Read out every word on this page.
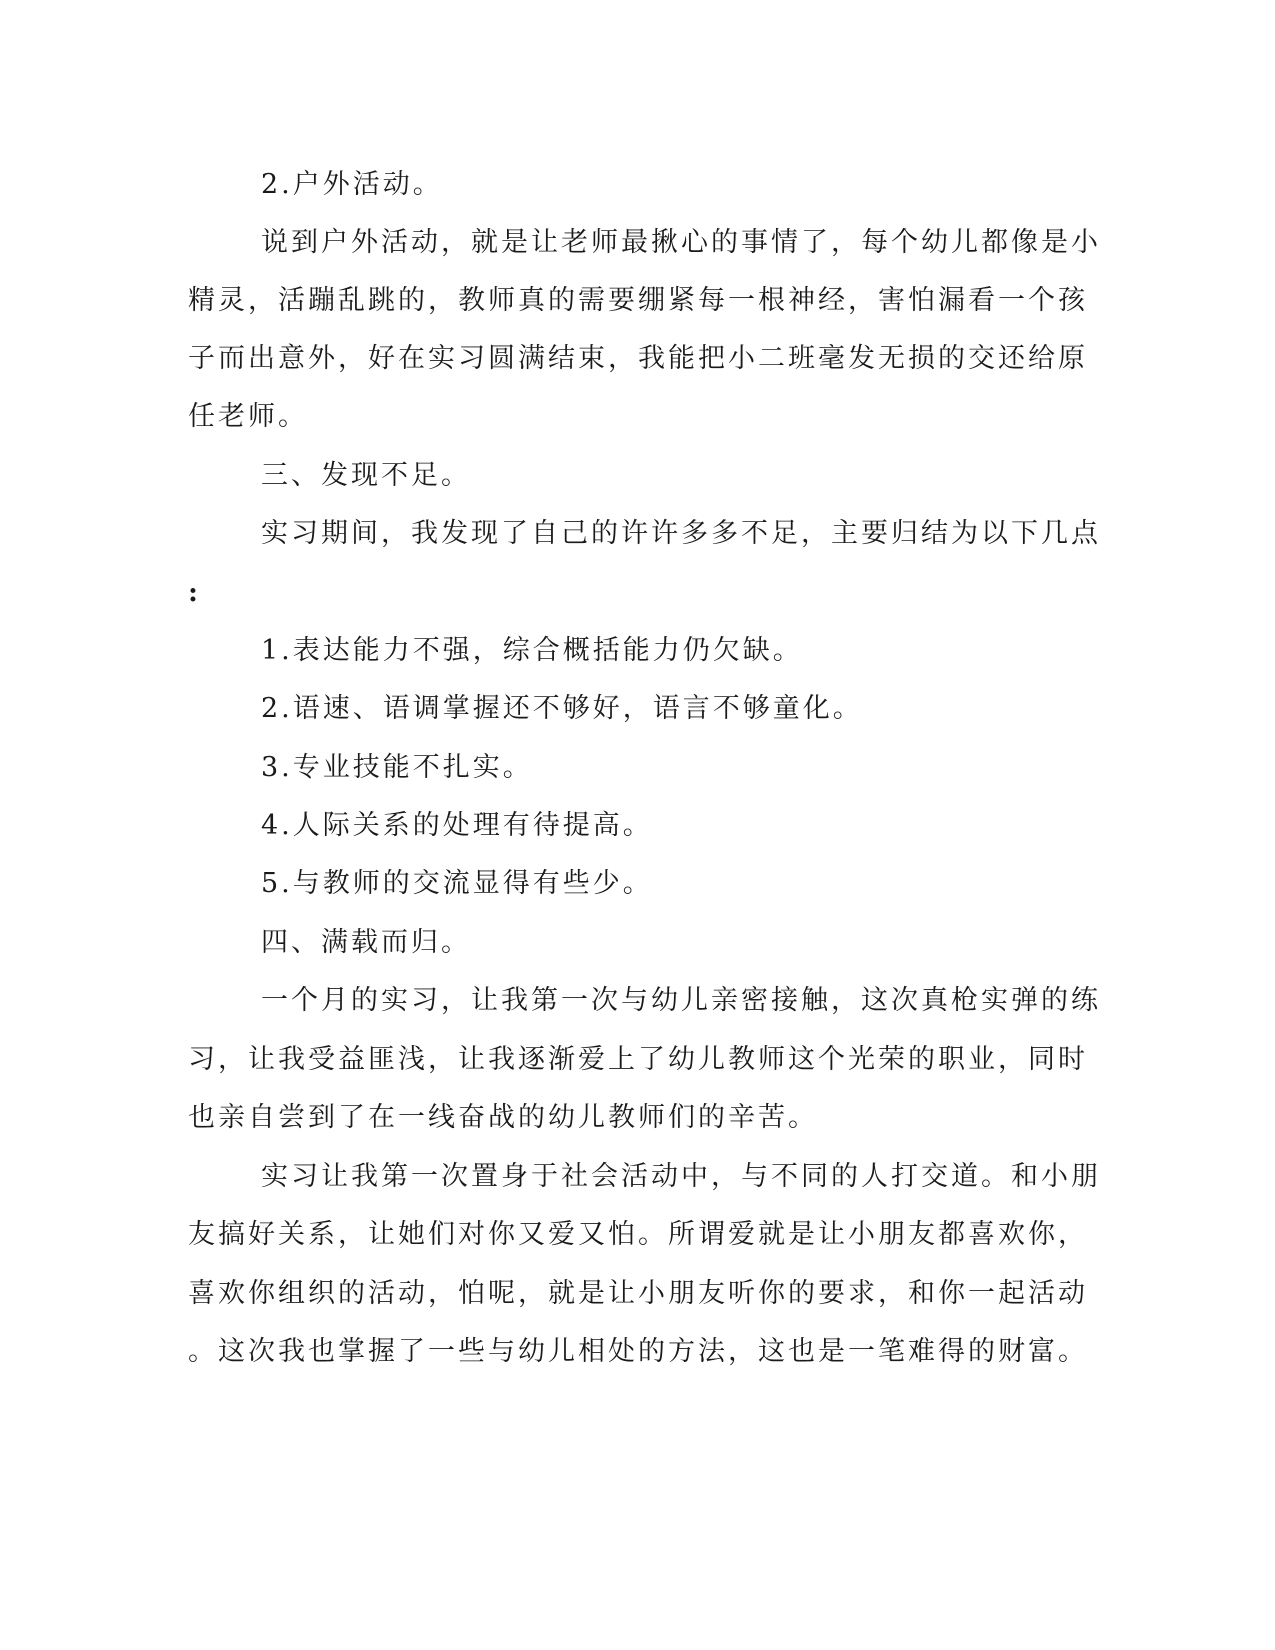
2.户外活动。
说到户外活动，就是让老师最揪心的事情了，每个幼儿都像是小
精灵，活蹦乱跳的，教师真的需要绷紧每一根神经，害怕漏看一个孩
子而出意外，好在实习圆满结束，我能把小二班毫发无损的交还给原
任老师。
三、发现不足。
实习期间，我发现了自己的许许多多不足，主要归结为以下几点
:
1.表达能力不强，综合概括能力仍欠缺。
2.语速、语调掌握还不够好，语言不够童化。
3.专业技能不扎实。
4.人际关系的处理有待提高。
5.与教师的交流显得有些少。
四、满载而归。
一个月的实习，让我第一次与幼儿亲密接触，这次真枪实弹的练
习，让我受益匪浅，让我逐渐爱上了幼儿教师这个光荣的职业，同时
也亲自尝到了在一线奋战的幼儿教师们的辛苦。
实习让我第一次置身于社会活动中，与不同的人打交道。和小朋
友搞好关系，让她们对你又爱又怕。所谓爱就是让小朋友都喜欢你，
喜欢你组织的活动，怕呢，就是让小朋友听你的要求，和你一起活动
。这次我也掌握了一些与幼儿相处的方法，这也是一笔难得的财富。
